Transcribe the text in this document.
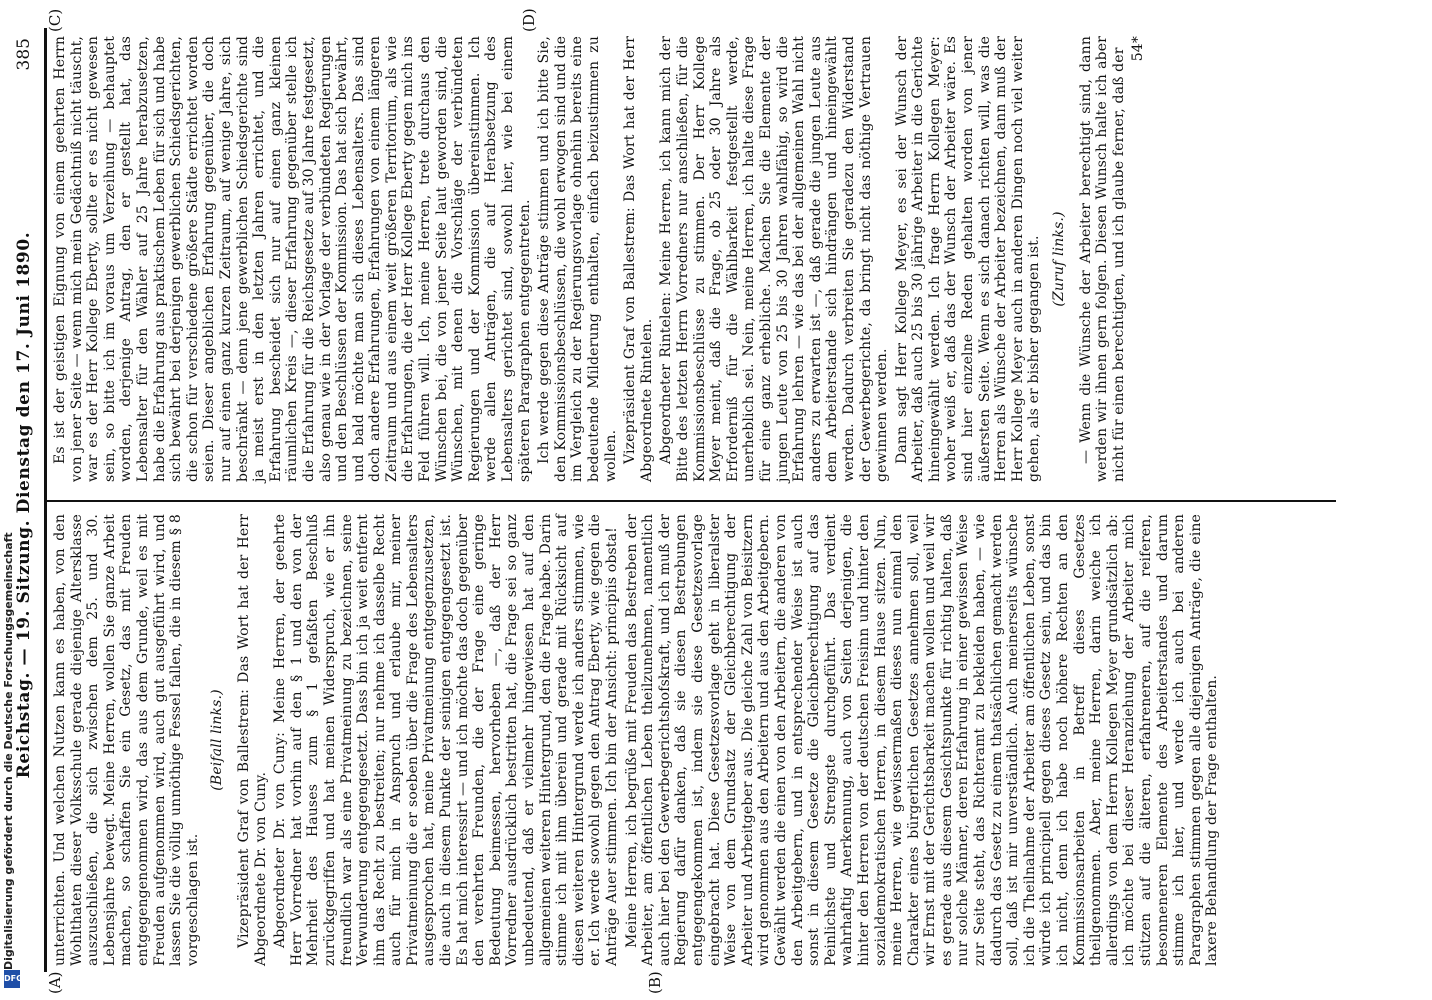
Reichstag. — 19. Sitzung. Dienstag den 17. Juni 1890.
385
(A)	(B)
(C)	(D)

unterrichten. Und welchen Nutzen kann es haben, von den Wohlthaten dieser Volksschule gerade diejenige Altersklasse auszuschließen, die sich zwischen dem 25. und 30. Lebensjahre bewegt. Meine Herren, wollen Sie ganze Arbeit machen, so schaffen Sie ein Gesetz, das mit Freuden entgegengenommen wird, das aus dem Grunde, weil es mit Freuden aufgenommen wird, auch gut ausgeführt wird, und lassen Sie die völlig unnöthige Fessel fallen, die in diesem § 8 vorgeschlagen ist.

(Beifall links.) Vizepräsident Graf von Ballestrem: Das Wort hat der Herr Abgeordnete Dr. von Cuny. Abgeordneter Dr. von Cuny: Meine Herren, der geehrte Herr Vorredner hat vorhin auf den § 1 und den von der Mehrheit des Hauses zum § 1 gefaßten Beschluß zurückgegriffen und hat meinen Widerspruch, wie er ihn freundlich war als eine Privatmeinung zu bezeichnen, seine Verwunderung entgegengesetzt. Dass bin ich ja weit entfernt ihm das Recht zu bestreiten; nur nehme ich dasselbe Recht auch für mich in Anspruch und erlaube mir, meiner Privatmeinung die er soeben über die Frage des Lebensalters ausgesprochen hat, meine Privatmeinung entgegenzusetzen, die auch in diesem Punkte der seinigen entgegengesetzt ist. Es hat mich interessirt — und ich möchte das doch gegenüber den verehrten Freunden, die der Frage eine geringe Bedeutung beimessen, hervorheben —, daß der Herr Vorredner ausdrücklich bestritten hat, die Frage sei so ganz unbedeutend, daß er vielmehr hingewiesen hat auf den allgemeinen weiteren Hintergrund, den die Frage habe. Darin stimme ich mit ihm überein und gerade mit Rücksicht auf diesen weiteren Hintergrund werde ich anders stimmen, wie er. Ich werde sowohl gegen den Antrag Eberty, wie gegen die Anträge Auer stimmen. Ich bin der Ansicht: principiis obsta! Meine Herren, ich begrüße mit Freuden das Bestreben der Arbeiter, am öffentlichen Leben theilzunehmen, namentlich auch hier bei den Gewerbegerichtshofskraft, und ich muß der Regierung dafür danken, daß sie diesen Bestrebungen entgegengekommen ist, indem sie diese Gesetzesvorlage eingebracht hat. Diese Gesetzesvorlage geht in liberalster Weise von dem Grundsatz der Gleichberechtigung der Arbeiter und Arbeitgeber aus. Die gleiche Zahl von Beisitzern wird genommen aus den Arbeitern und aus den Arbeitgebern. Gewählt werden die einen von den Arbeitern, die anderen von den Arbeitgebern, und in entsprechender Weise ist auch sonst in diesem Gesetze die Gleichberechtigung auf das Peinlichste und Strengste durchgeführt. Das verdient wahrhaftig Anerkennung, auch von Seiten derjenigen, die hinter den Herren von der deutschen Freisinn und hinter den sozialdemokratischen Herren, in diesem Hause sitzen. Nun, meine Herren, wie gewissermaßen dieses nun einmal den Charakter eines bürgerlichen Gesetzes annehmen soll, weil wir Ernst mit der Gerichtsbarkeit machen wollen und weil wir es gerade aus diesem Gesichtspunkte für richtig halten, daß nur solche Männer, deren Erfahrung in einer gewissen Weise zur Seite steht, das Richteramt zu bekleiden haben, — wie dadurch das Gesetz zu einem thatsächlichen gemacht werden soll, daß ist mir unverständlich. Auch meinerseits wünsche ich die Theilnahme der Arbeiter am öffentlichen Leben, sonst würde ich principiell gegen dieses Gesetz sein, und das bin ich nicht, denn ich habe noch höhere Rechten an den Kommissionsarbeiten in Betreff dieses Gesetzes theilgenommen. Aber, meine Herren, darin weiche ich allerdings von dem Herrn Kollegen Meyer grundsätzlich ab: ich möchte bei dieser Heranziehung der Arbeiter mich stützen auf die älteren, erfahreneren, auf die reiferen, besonneneren Elemente des Arbeiterstandes und darum stimme ich hier, und werde ich auch bei anderen Paragraphen stimmen gegen alle diejenigen Anträge, die eine laxere Behandlung der Frage enthalten.

Es ist der geistigen Eignung von einem geehrten Herrn von jener Seite — wenn mich mein Gedächtniß nicht täuscht, war es der Herr Kollege Eberty, sollte er es nicht gewesen sein, so bitte ich im voraus um Verzeihung — behauptet worden, derjenige Antrag, den er gestellt hat, das Lebensalter für den Wähler auf 25 Jahre herabzusetzen, habe die Erfahrung aus praktischem Leben für sich und habe sich bewährt bei derjenigen gewerblichen Schiedsgerichten, die schon für verschiedene größere Städte errichtet worden seien. Dieser angeblichen Erfahrung gegenüber, die doch nur auf einen ganz kurzen Zeitraum, auf wenige Jahre, sich beschränkt — denn jene gewerblichen Schiedsgerichte sind ja meist erst in den letzten Jahren errichtet, und die Erfahrung bescheidet sich nur auf einen ganz kleinen räumlichen Kreis —, dieser Erfahrung gegenüber stelle ich die Erfahrung für die Reichsgesetze auf 30 Jahre festgesetzt, also genau wie in der Vorlage der verbündeten Regierungen und den Beschlüssen der Kommission. Das hat sich bewährt, und bald möchte man sich dieses Lebensalters. Das sind doch andere Erfahrungen, Erfahrungen von einem längeren Zeitraum und aus einem weit größeren Territorium, als wie die Erfahrungen, die der Herr Kollege Eberty gegen mich ins Feld führen will. Ich, meine Herren, trete durchaus den Wünschen bei, die von jener Seite laut geworden sind, die Wünschen, mit denen die Vorschläge der verbündeten Regierungen und der Kommission übereinstimmen. Ich werde allen Anträgen, die auf Herabsetzung des Lebensalters gerichtet sind, sowohl hier, wie bei einem späteren Paragraphen entgegentreten. Ich werde gegen diese Anträge stimmen und ich bitte Sie, den Kommissionsbeschlüssen, die wohl erwogen sind und die im Vergleich zu der Regierungsvorlage ohnehin bereits eine bedeutende Milderung enthalten, einfach beizustimmen zu wollen. Vizepräsident Graf von Ballestrem: Das Wort hat der Herr Abgeordnete Rintelen. Abgeordneter Rintelen: Meine Herren, ich kann mich der Bitte des letzten Herrn Vorredners nur anschließen, für die Kommissionsbeschlüsse zu stimmen. Der Herr Kollege Meyer meint, daß die Frage, ob 25 oder 30 Jahre als Erforderniß für die Wählbarkeit festgestellt werde, unerheblich sei. Nein, meine Herren, ich halte diese Frage für eine ganz erhebliche. Machen Sie die Elemente der jungen Leute von 25 bis 30 Jahren wahlfähig, so wird die Erfahrung lehren — wie das bei der allgemeinen Wahl nicht anders zu erwarten ist —, daß gerade die jungen Leute aus dem Arbeiterstande sich hindrängen und hineingewählt werden. Dadurch verbreiten Sie geradezu den Widerstand der Gewerbegerichte, da bringt nicht das nöthige Vertrauen gewinnen werden. Dann sagt Herr Kollege Meyer, es sei der Wunsch der Arbeiter, daß auch 25 bis 30 jährige Arbeiter in die Gerichte hineingewählt werden. Ich frage Herrn Kollegen Meyer: woher weiß er, daß das der Wunsch der Arbeiter wäre. Es sind hier einzelne Reden gehalten worden von jener äußersten Seite. Wenn es sich danach richten will, was die Herren als Wünsche der Arbeiter bezeichnen, dann muß der Herr Kollege Meyer auch in anderen Dingen noch viel weiter gehen, als er bisher gegangen ist. (Zuruf links.) — Wenn die Wünsche der Arbeiter berechtigt sind, dann werden wir ihnen gern folgen. Diesen Wunsch halte ich aber nicht für einen berechtigten, und ich glaube ferner, daß der 54*

Digitalisierung gefördert durch die Deutsche Forschungsgemeinschaft
DFG
